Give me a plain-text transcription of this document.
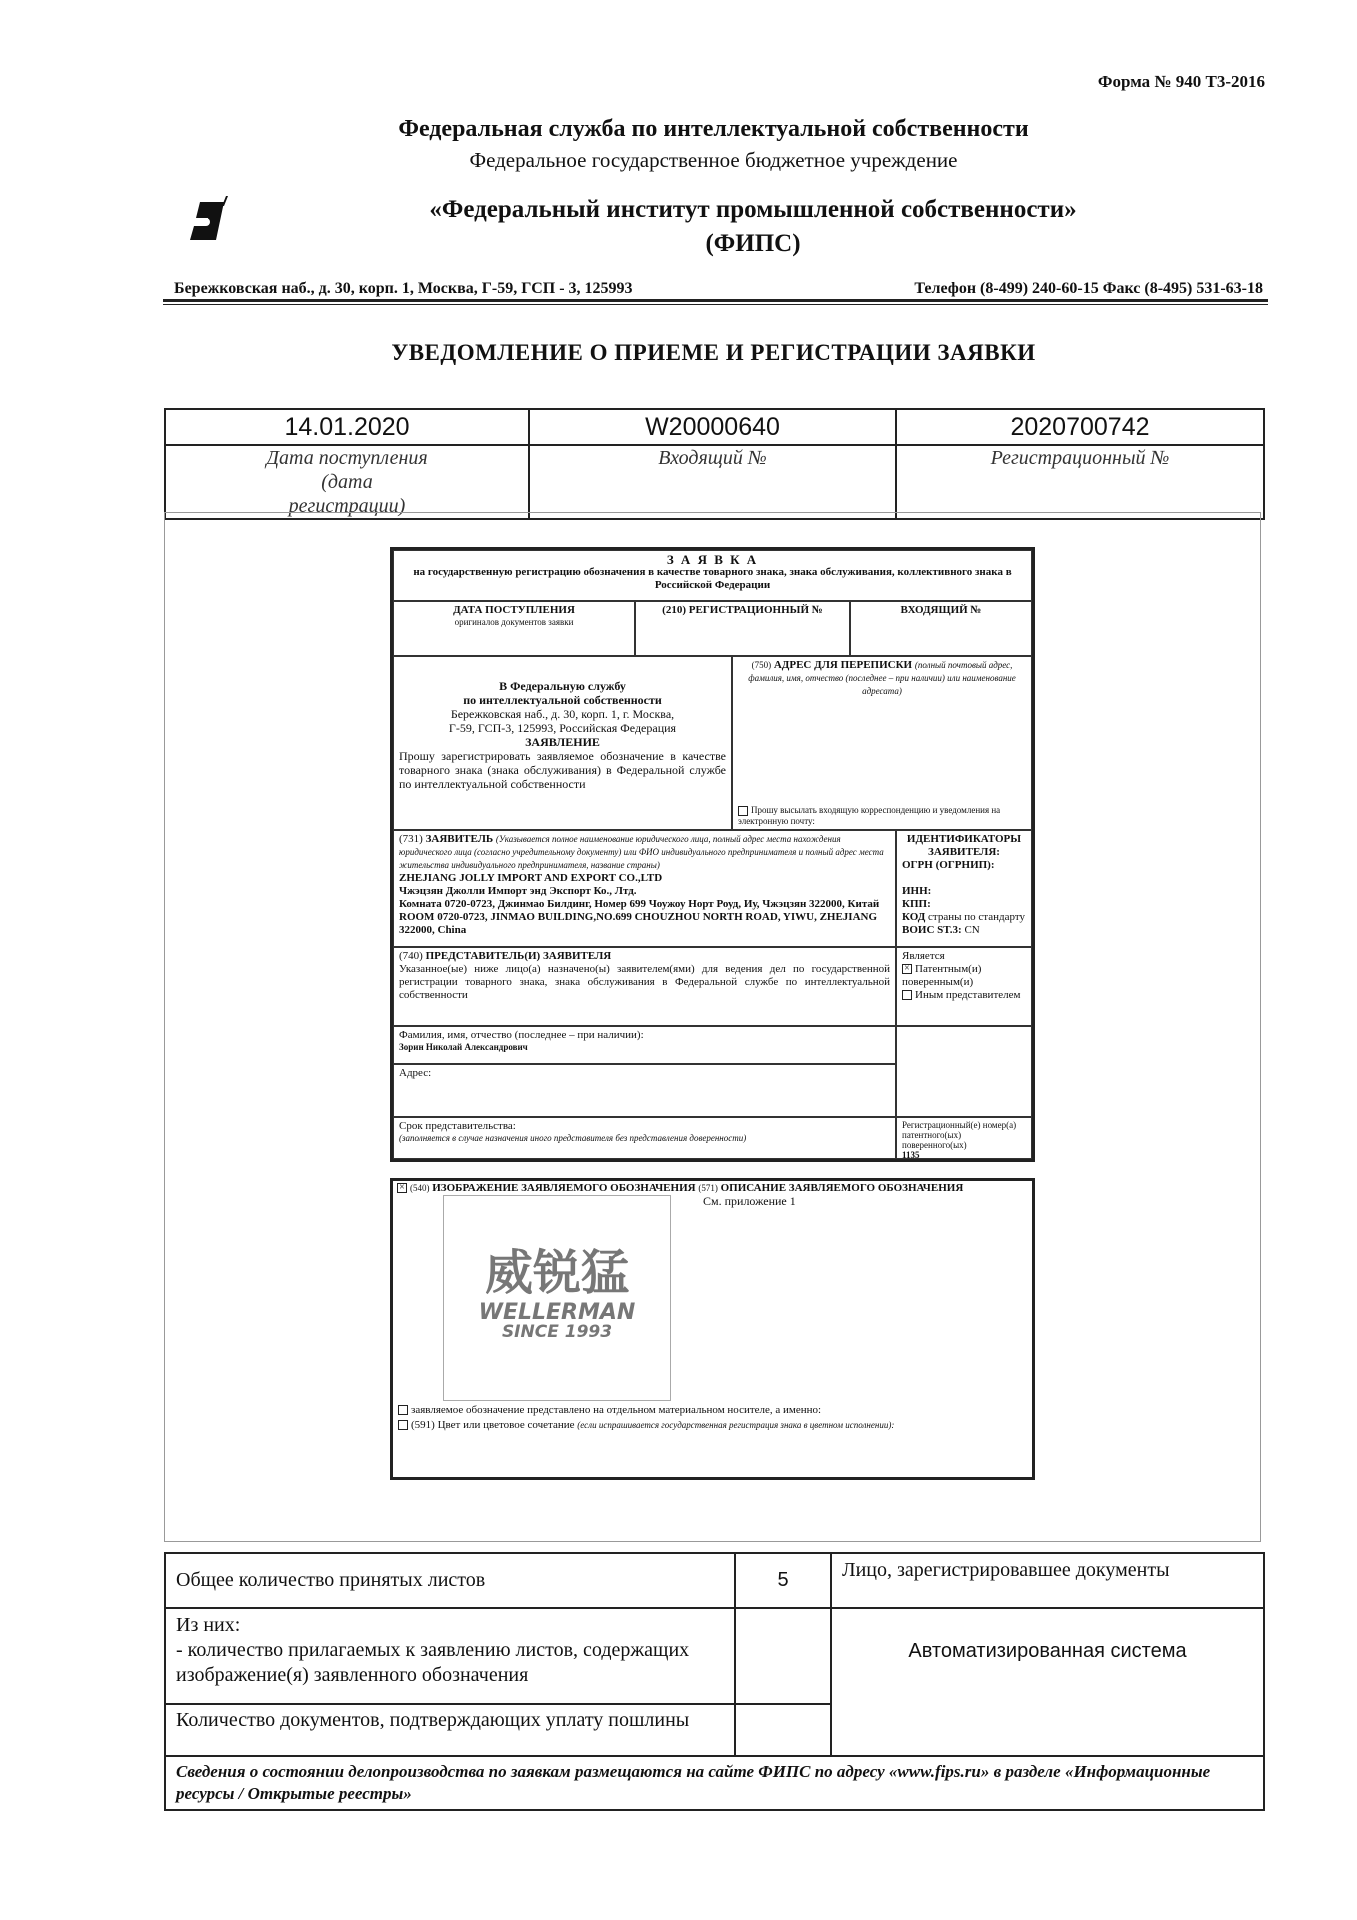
Форма № 940 Т3-2016
Федеральная служба по интеллектуальной собственности
Федеральное государственное бюджетное учреждение
«Федеральный институт промышленной собственности»
(ФИПС)
Бережковская наб., д. 30, корп. 1, Москва, Г-59, ГСП - 3, 125993	Телефон (8-499) 240-60-15 Факс (8-495) 531-63-18
УВЕДОМЛЕНИЕ О ПРИЕМЕ И РЕГИСТРАЦИИ ЗАЯВКИ
14.01.2020	W20000640	2020700742
Дата поступления (дата регистрации)	Входящий №	Регистрационный №
З А Я В К А
на государственную регистрацию обозначения в качестве товарного знака, знака обслуживания, коллективного знака в Российской Федерации
ДАТА ПОСТУПЛЕНИЯ
оригиналов документов заявки
(210) РЕГИСТРАЦИОННЫЙ №	ВХОДЯЩИЙ №
В Федеральную службу
по интеллектуальной собственности
Бережковская наб., д. 30, корп. 1, г. Москва,
Г-59, ГСП-3, 125993, Российская Федерация
ЗАЯВЛЕНИЕ
Прошу зарегистрировать заявляемое обозначение в качестве товарного знака (знака обслуживания) в Федеральной службе по интеллектуальной собственности
(750) АДРЕС ДЛЯ ПЕРЕПИСКИ (полный почтовый адрес, фамилия, имя, отчество (последнее – при наличии) или наименование адресата)
Прошу высылать входящую корреспонденцию и уведомления на электронную почту:
(731) ЗАЯВИТЕЛЬ (Указывается полное наименование юридического лица, полный адрес места нахождения юридического лица (согласно учредительному документу) или ФИО индивидуального предпринимателя и полный адрес места жительства индивидуального предпринимателя, название страны)
ZHEJIANG JOLLY IMPORT AND EXPORT CO.,LTD
Чжэцзян Джолли Импорт энд Экспорт Ко., Лтд.
Комната 0720-0723, Джинмао Билдинг, Номер 699 Чоужоу Норт Роуд, Иу, Чжэцзян 322000, Китай
ROOM 0720-0723, JINMAO BUILDING,NO.699 CHOUZHOU NORTH ROAD, YIWU, ZHEJIANG 322000, China
ИДЕНТИФИКАТОРЫ ЗАЯВИТЕЛЯ:
ОГРН (ОГРНИП):

ИНН:
КПП:
КОД страны по стандарту
ВОИС ST.3: CN
(740) ПРЕДСТАВИТЕЛЬ(И) ЗАЯВИТЕЛЯ
Указанное(ые) ниже лицо(а) назначено(ы) заявителем(ями) для ведения дел по государственной регистрации товарного знака, знака обслуживания в Федеральной службе по интеллектуальной собственности
Является
× Патентным(и) поверенным(и)
Иным представителем
Фамилия, имя, отчество (последнее – при наличии):
Зорин Николай Александрович
Адрес:
Срок представительства:
(заполняется в случае назначения иного представителя без представления доверенности)
Регистрационный(е) номер(а) патентного(ых) поверенного(ых)
1135
× (540) ИЗОБРАЖЕНИЕ ЗАЯВЛЯЕМОГО ОБОЗНАЧЕНИЯ (571) ОПИСАНИЕ ЗАЯВЛЯЕМОГО ОБОЗНАЧЕНИЯ
См. приложение 1
威锐猛
WELLERMAN
SINCE 1993
заявляемое обозначение представлено на отдельном материальном носителе, а именно:
(591) Цвет или цветовое сочетание (если испрашивается государственная регистрация знака в цветном исполнении):
Общее количество принятых листов	5	Лицо, зарегистрировавшее документы

Из них:
- количество прилагаемых к заявлению листов, содержащих изображение(я) заявленного обозначения		Автоматизированная система
Количество документов, подтверждающих уплату пошлины		
Сведения о состоянии делопроизводства по заявкам размещаются на сайте ФИПС по адресу «www.fips.ru» в разделе «Информационные ресурсы / Открытые реестры»		
